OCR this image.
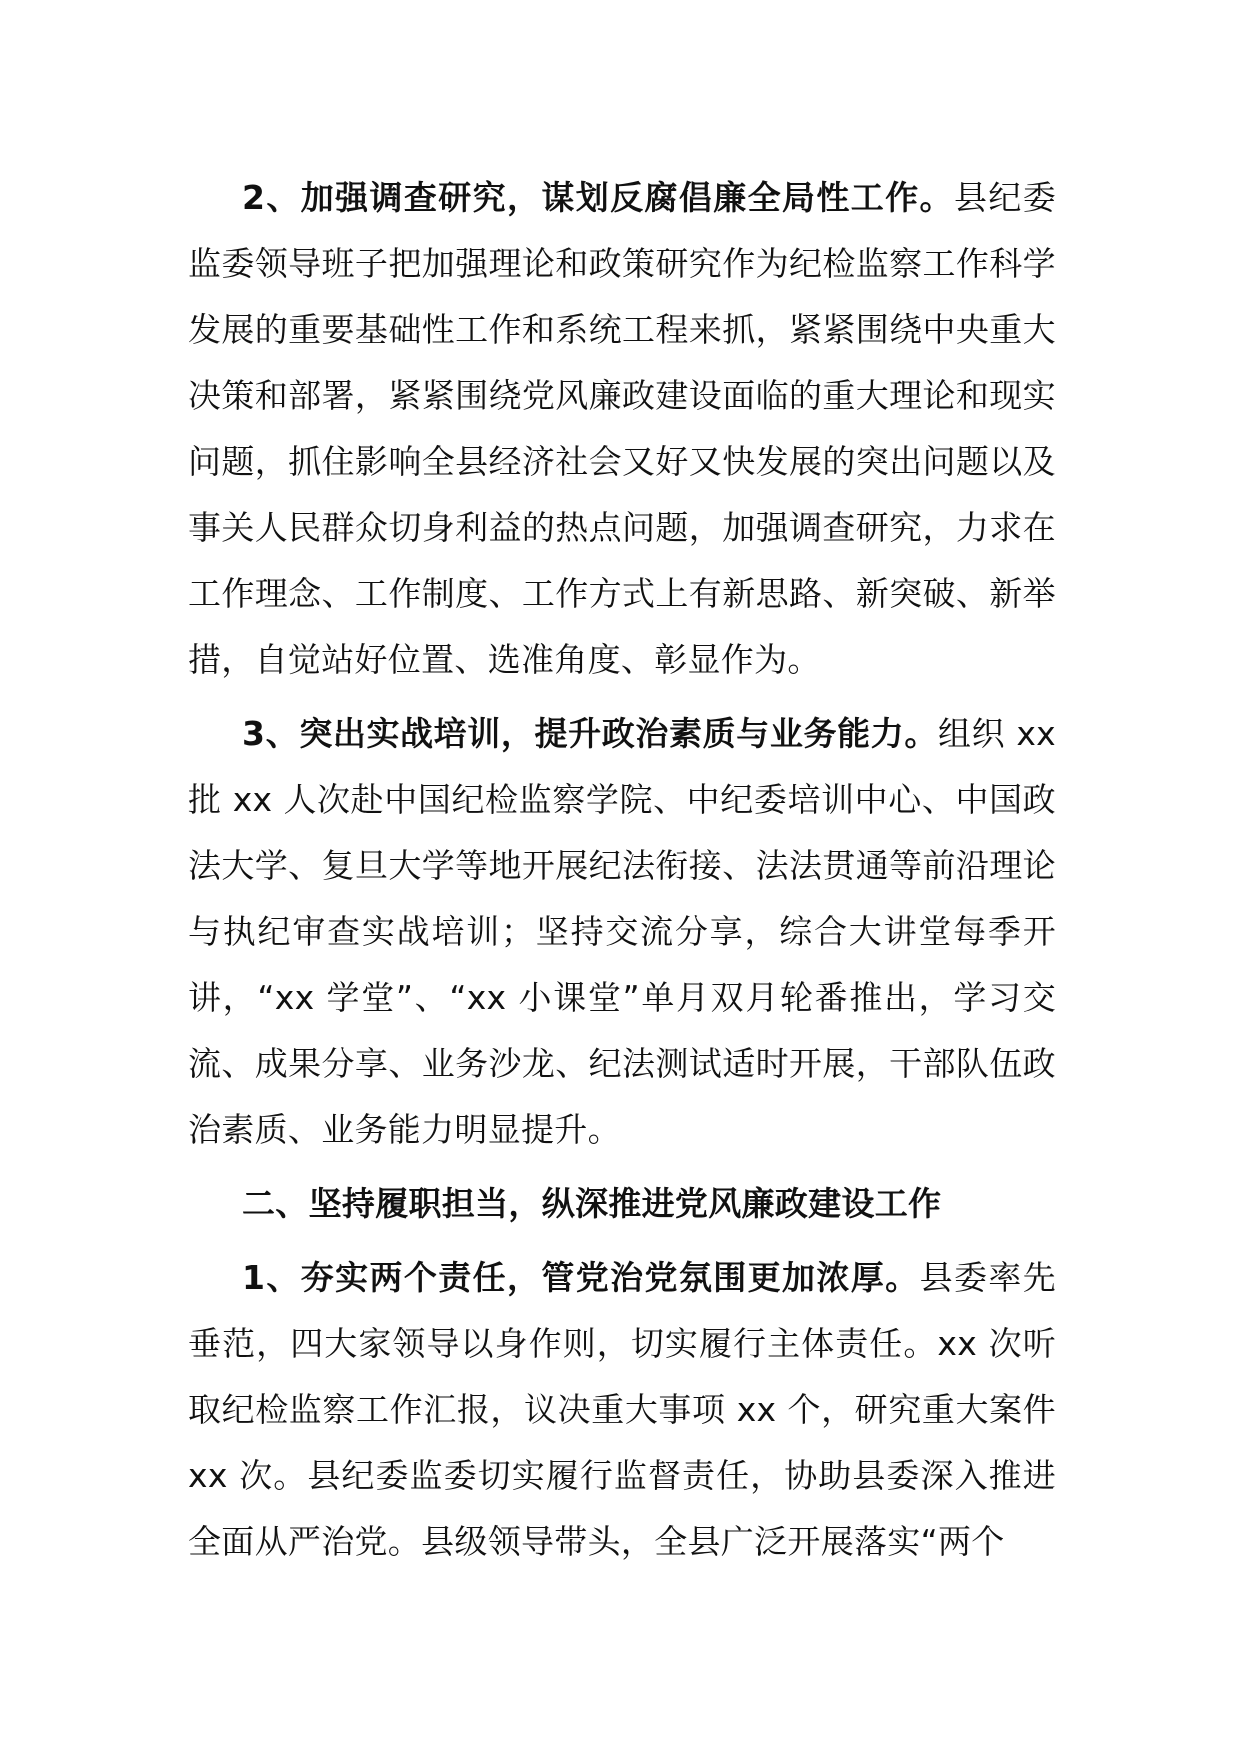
2、加强调查研究，谋划反腐倡廉全局性工作。县纪委监委领导班子把加强理论和政策研究作为纪检监察工作科学发展的重要基础性工作和系统工程来抓，紧紧围绕中央重大决策和部署，紧紧围绕党风廉政建设面临的重大理论和现实问题，抓住影响全县经济社会又好又快发展的突出问题以及事关人民群众切身利益的热点问题，加强调查研究，力求在工作理念、工作制度、工作方式上有新思路、新突破、新举措，自觉站好位置、选准角度、彰显作为。

3、突出实战培训，提升政治素质与业务能力。组织 xx 批 xx 人次赴中国纪检监察学院、中纪委培训中心、中国政法大学、复旦大学等地开展纪法衔接、法法贯通等前沿理论与执纪审查实战培训；坚持交流分享，综合大讲堂每季开讲，“xx 学堂”、“xx 小课堂”单月双月轮番推出，学习交流、成果分享、业务沙龙、纪法测试适时开展，干部队伍政治素质、业务能力明显提升。

二、坚持履职担当，纵深推进党风廉政建设工作

1、夯实两个责任，管党治党氛围更加浓厚。县委率先垂范，四大家领导以身作则，切实履行主体责任。xx 次听取纪检监察工作汇报，议决重大事项 xx 个，研究重大案件 xx 次。县纪委监委切实履行监督责任，协助县委深入推进全面从严治党。县级领导带头，全县广泛开展落实“两个
